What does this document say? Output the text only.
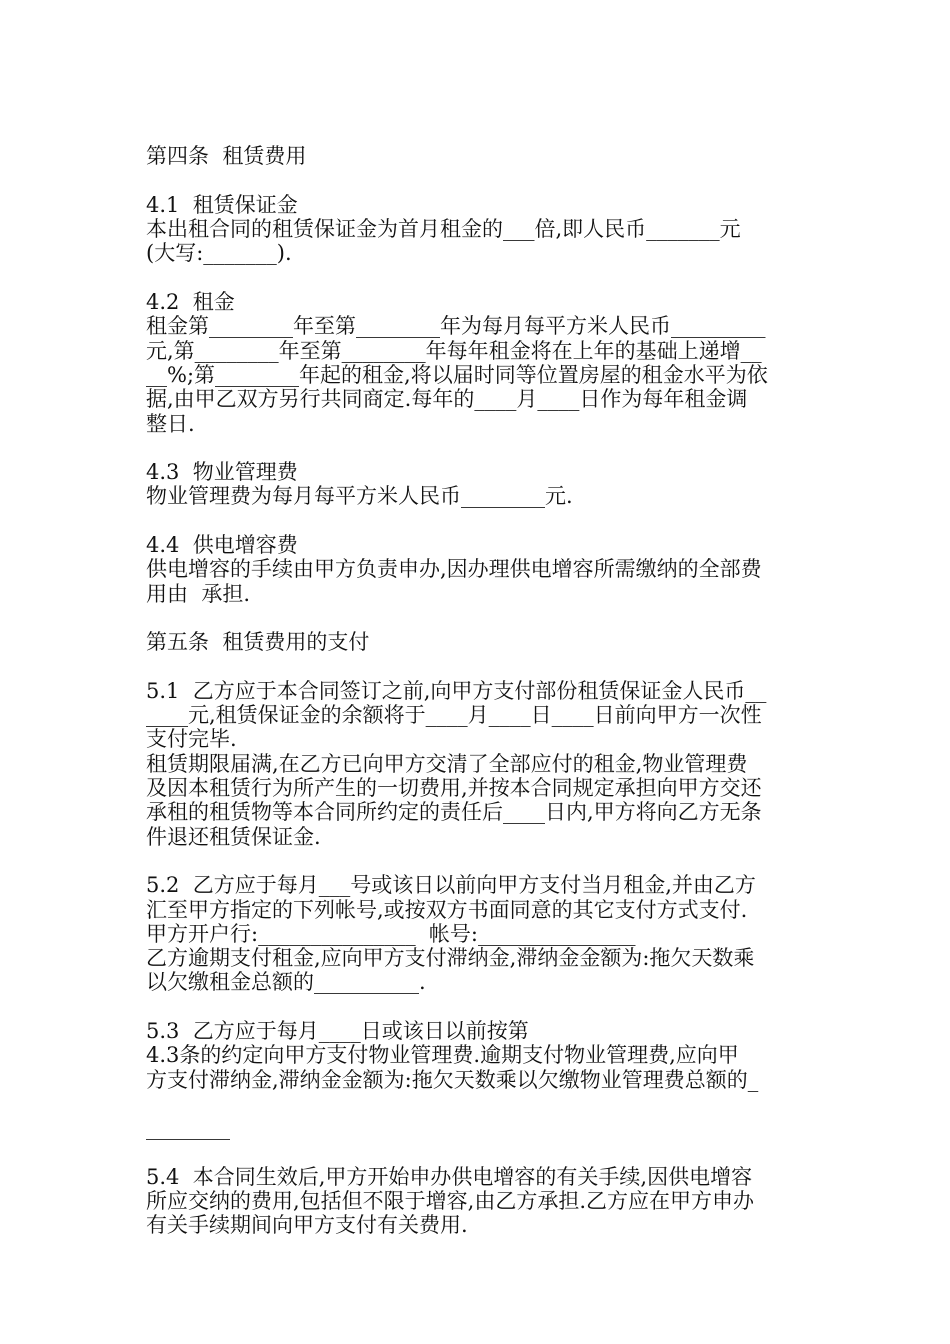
第四条  租赁费用
4.1  租赁保证金
本出租合同的租赁保证金为首月租金的___倍,即人民币_______元
(大写:_______).
4.2  租金
租金第________年至第________年为每月每平方米人民币_________
元,第________年至第________年每年租金将在上年的基础上递增__
__%;第________年起的租金,将以届时同等位置房屋的租金水平为依
据,由甲乙双方另行共同商定.每年的____月____日作为每年租金调
整日.
4.3  物业管理费
物业管理费为每月每平方米人民币________元.
4.4  供电增容费
供电增容的手续由甲方负责申办,因办理供电增容所需缴纳的全部费
用由  承担.
第五条  租赁费用的支付
5.1  乙方应于本合同签订之前,向甲方支付部份租赁保证金人民币__
____元,租赁保证金的余额将于____月____日____日前向甲方一次性
支付完毕.
租赁期限届满,在乙方已向甲方交清了全部应付的租金,物业管理费
及因本租赁行为所产生的一切费用,并按本合同规定承担向甲方交还
承租的租赁物等本合同所约定的责任后____日内,甲方将向乙方无条
件退还租赁保证金.
5.2  乙方应于每月___号或该日以前向甲方支付当月租金,并由乙方
汇至甲方指定的下列帐号,或按双方书面同意的其它支付方式支付.
甲方开户行:_______________  帐号:_______________
乙方逾期支付租金,应向甲方支付滞纳金,滞纳金金额为:拖欠天数乘
以欠缴租金总额的__________.
5.3  乙方应于每月____日或该日以前按第
4.3条的约定向甲方支付物业管理费.逾期支付物业管理费,应向甲
方支付滞纳金,滞纳金金额为:拖欠天数乘以欠缴物业管理费总额的_
________
5.4  本合同生效后,甲方开始申办供电增容的有关手续,因供电增容
所应交纳的费用,包括但不限于增容,由乙方承担.乙方应在甲方申办
有关手续期间向甲方支付有关费用.
